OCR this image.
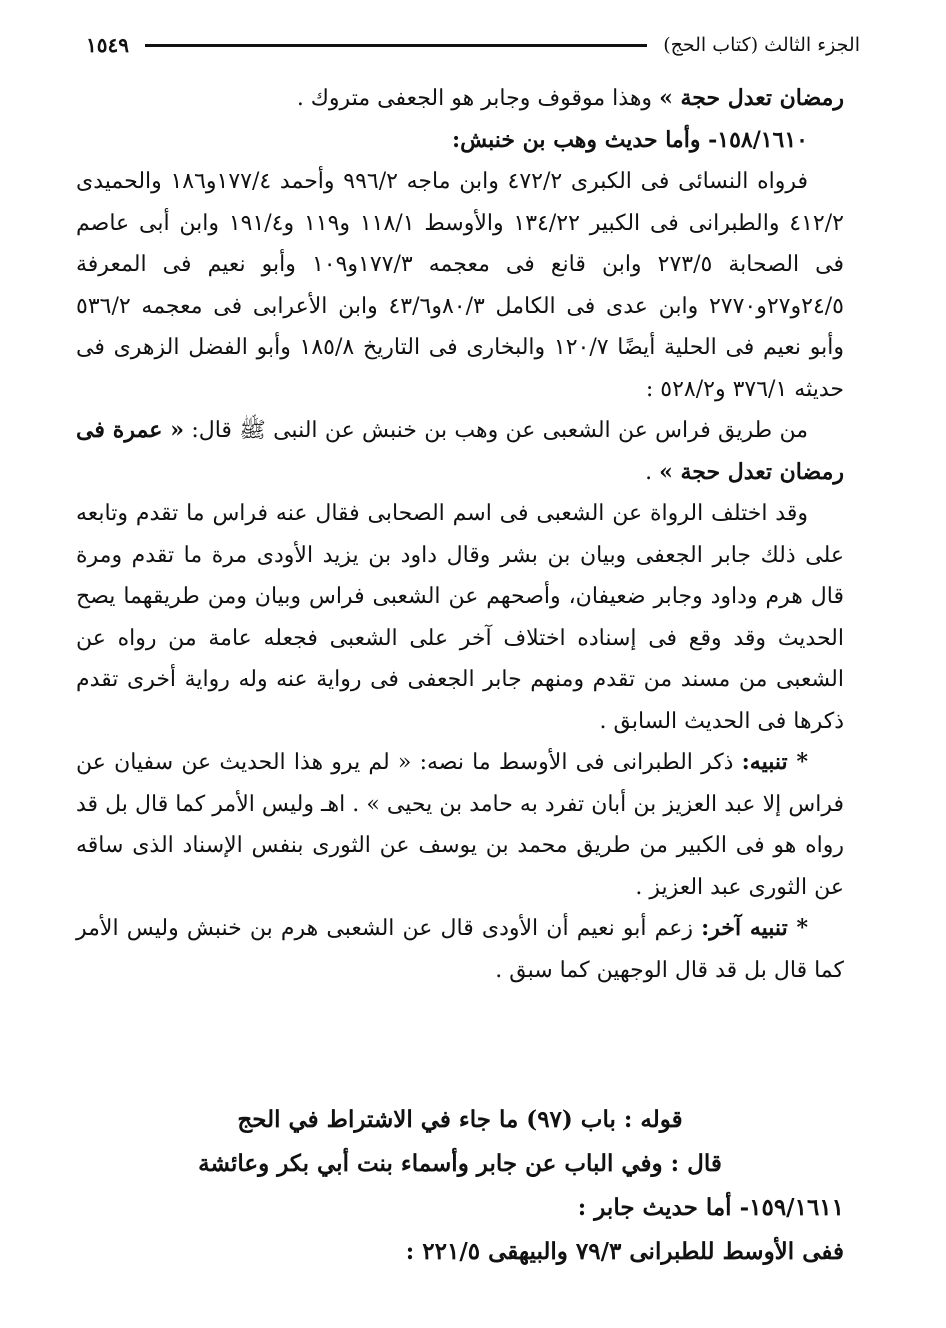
الجزء الثالث (كتاب الحج)
١٥٤٩

رمضان تعدل حجة » وهذا موقوف وجابر هو الجعفى متروك .

١٥٨/١٦١٠- وأما حديث وهب بن خنبش:

فرواه النسائى فى الكبرى ٤٧٢/٢ وابن ماجه ٩٩٦/٢ وأحمد ١٧٧/٤و١٨٦ والحميدى ٤١٢/٢ والطبرانى فى الكبير ١٣٤/٢٢ والأوسط ١١٨/١ و١١٩ و١٩١/٤ وابن أبى عاصم فى الصحابة ٢٧٣/٥ وابن قانع فى معجمه ١٧٧/٣و١٠٩ وأبو نعيم فى المعرفة ٢٤/٥و٢٧و٢٧٧٠ وابن عدى فى الكامل ٨٠/٣و٤٣/٦ وابن الأعرابى فى معجمه ٥٣٦/٢ وأبو نعيم فى الحلية أيضًا ١٢٠/٧ والبخارى فى التاريخ ١٨٥/٨ وأبو الفضل الزهرى فى حديثه ٣٧٦/١ و٥٢٨/٢ :

من طريق فراس عن الشعبى عن وهب بن خنبش عن النبى ﷺ قال: « عمرة فى رمضان تعدل حجة » .

وقد اختلف الرواة عن الشعبى فى اسم الصحابى فقال عنه فراس ما تقدم وتابعه على ذلك جابر الجعفى وبيان بن بشر وقال داود بن يزيد الأودى مرة ما تقدم ومرة قال هرم وداود وجابر ضعيفان، وأصحهم عن الشعبى فراس وبيان ومن طريقهما يصح الحديث وقد وقع فى إسناده اختلاف آخر على الشعبى فجعله عامة من رواه عن الشعبى من مسند من تقدم ومنهم جابر الجعفى فى رواية عنه وله رواية أخرى تقدم ذكرها فى الحديث السابق .

* تنبيه: ذكر الطبرانى فى الأوسط ما نصه: « لم يرو هذا الحديث عن سفيان عن فراس إلا عبد العزيز بن أبان تفرد به حامد بن يحيى » . اهـ وليس الأمر كما قال بل قد رواه هو فى الكبير من طريق محمد بن يوسف عن الثورى بنفس الإسناد الذى ساقه عن الثورى عبد العزيز .

* تنبيه آخر: زعم أبو نعيم أن الأودى قال عن الشعبى هرم بن خنبش وليس الأمر كما قال بل قد قال الوجهين كما سبق .

قوله : باب (٩٧) ما جاء في الاشتراط في الحج

قال : وفي الباب عن جابر وأسماء بنت أبي بكر وعائشة

١٥٩/١٦١١- أما حديث جابر :

ففى الأوسط للطبرانى ٧٩/٣ والبيهقى ٢٢١/٥ :
